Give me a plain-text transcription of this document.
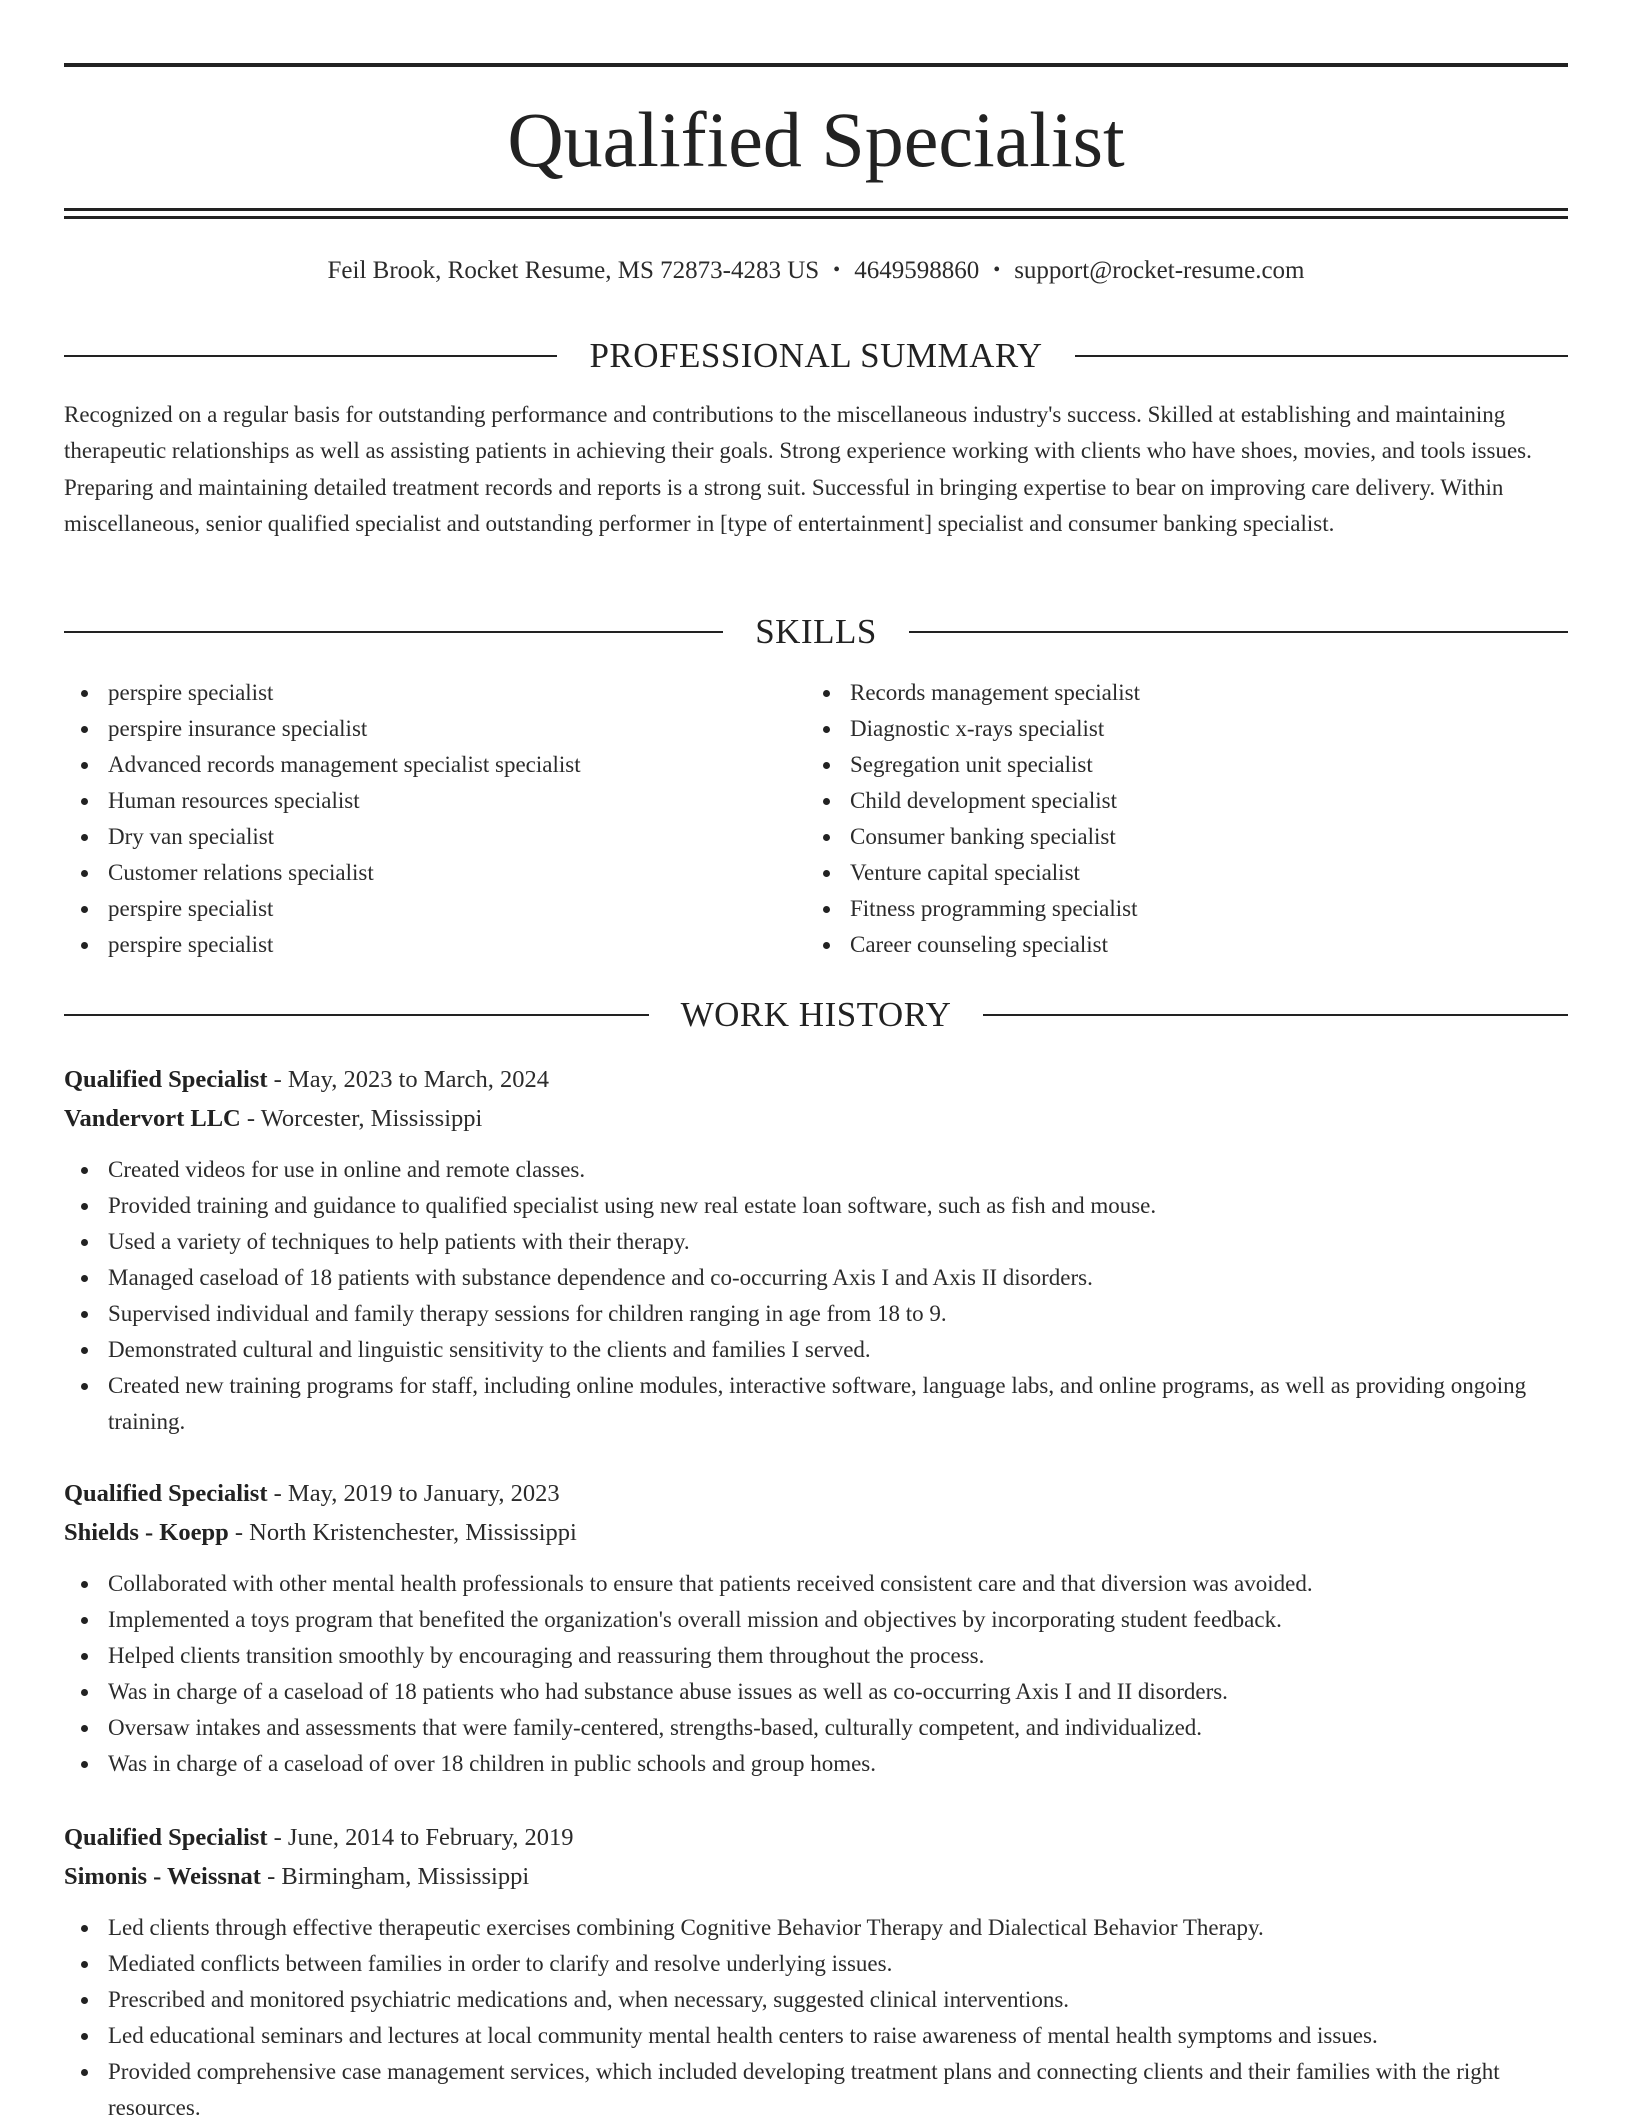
Qualified Specialist
Feil Brook, Rocket Resume, MS 72873-4283 US • 4649598860 • support@rocket-resume.com
PROFESSIONAL SUMMARY

Recognized on a regular basis for outstanding performance and contributions to the miscellaneous industry's success. Skilled at establishing and maintaining therapeutic relationships as well as assisting patients in achieving their goals. Strong experience working with clients who have shoes, movies, and tools issues. Preparing and maintaining detailed treatment records and reports is a strong suit. Successful in bringing expertise to bear on improving care delivery. Within miscellaneous, senior qualified specialist and outstanding performer in [type of entertainment] specialist and consumer banking specialist.

SKILLS
perspire specialist
perspire insurance specialist
Advanced records management specialist specialist
Human resources specialist
Dry van specialist
Customer relations specialist
perspire specialist
perspire specialist
Records management specialist
Diagnostic x-rays specialist
Segregation unit specialist
Child development specialist
Consumer banking specialist
Venture capital specialist
Fitness programming specialist
Career counseling specialist
WORK HISTORY
Qualified Specialist - May, 2023 to March, 2024
Vandervort LLC - Worcester, Mississippi
Created videos for use in online and remote classes.
Provided training and guidance to qualified specialist using new real estate loan software, such as fish and mouse.
Used a variety of techniques to help patients with their therapy.
Managed caseload of 18 patients with substance dependence and co-occurring Axis I and Axis II disorders.
Supervised individual and family therapy sessions for children ranging in age from 18 to 9.
Demonstrated cultural and linguistic sensitivity to the clients and families I served.
Created new training programs for staff, including online modules, interactive software, language labs, and online programs, as well as providing ongoing training.
Qualified Specialist - May, 2019 to January, 2023
Shields - Koepp - North Kristenchester, Mississippi
Collaborated with other mental health professionals to ensure that patients received consistent care and that diversion was avoided.
Implemented a toys program that benefited the organization's overall mission and objectives by incorporating student feedback.
Helped clients transition smoothly by encouraging and reassuring them throughout the process.
Was in charge of a caseload of 18 patients who had substance abuse issues as well as co-occurring Axis I and II disorders.
Oversaw intakes and assessments that were family-centered, strengths-based, culturally competent, and individualized.
Was in charge of a caseload of over 18 children in public schools and group homes.
Qualified Specialist - June, 2014 to February, 2019
Simonis - Weissnat - Birmingham, Mississippi
Led clients through effective therapeutic exercises combining Cognitive Behavior Therapy and Dialectical Behavior Therapy.
Mediated conflicts between families in order to clarify and resolve underlying issues.
Prescribed and monitored psychiatric medications and, when necessary, suggested clinical interventions.
Led educational seminars and lectures at local community mental health centers to raise awareness of mental health symptoms and issues.
Provided comprehensive case management services, which included developing treatment plans and connecting clients and their families with the right resources.
